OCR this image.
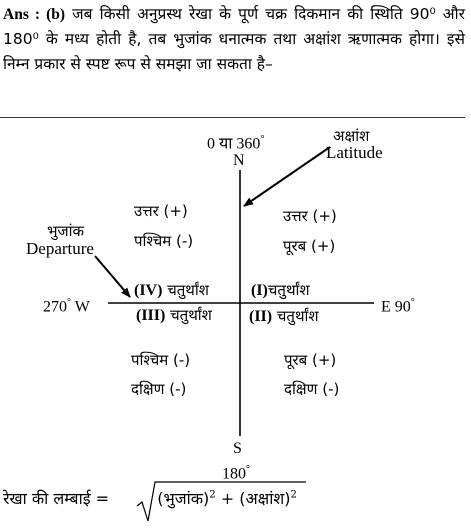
Ans : (b) जब किसी अनुप्रस्थ रेखा के पूर्ण चक्र दिकमान की स्थिति 90⁰ और 180⁰ के मध्य होती है, तब भुजांक धनात्मक तथा अक्षांश ऋणात्मक होगा। इसे निम्न प्रकार से स्पष्ट रूप से समझा जा सकता है–
0 या 360°
N
अक्षांश
Latitude
भुजांक
Departure
270° W	E 90°
उत्तर (+)
पश्चिम (-)
(IV) चतुर्थांश
उत्तर (+)
पूरब (+)
(I)चतुर्थांश
(III) चतुर्थांश
पश्चिम (-)
दक्षिण (-)
(II) चतुर्थांश
पूरब (+)
दक्षिण (-)
S
180°
रेखा की लम्बाई =	(भुजांक)$^2$ + (अक्षांश)$^2$
